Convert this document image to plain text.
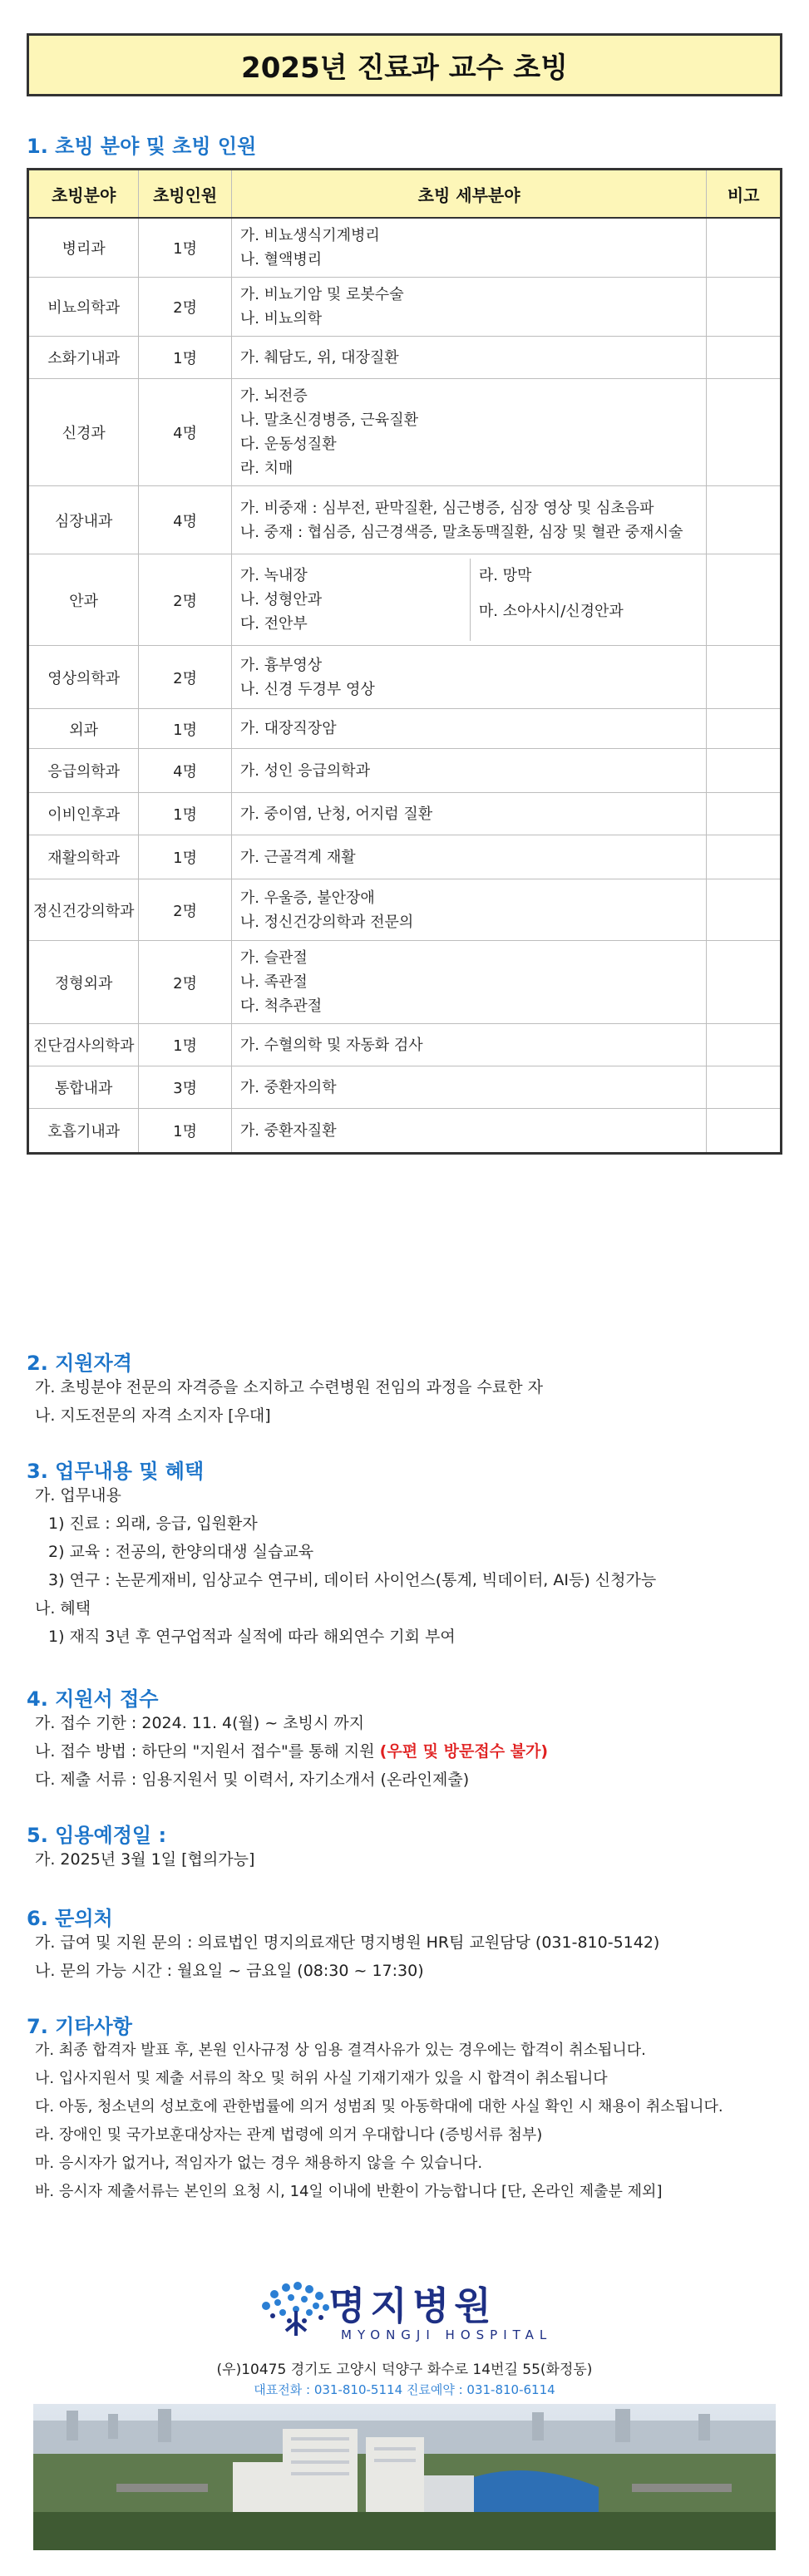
2025년 진료과 교수 초빙
1. 초빙 분야 및 초빙 인원
초빙분야	초빙인원	초빙 세부분야	비고
병리과	1명	가. 비뇨생식기계병리
나. 혈액병리	

비뇨의학과	2명	가. 비뇨기암 및 로봇수술
나. 비뇨의학	

소화기내과	1명	가. 췌담도, 위, 대장질환	

신경과	4명	가. 뇌전증
나. 말초신경병증, 근육질환
다. 운동성질환
라. 치매	

심장내과	4명	가. 비중재 : 심부전, 판막질환, 심근병증, 심장 영상 및 심초음파
나. 중재 : 협심증, 심근경색증, 말초동맥질환, 심장 및 혈관 중재시술	

안과	2명	가. 녹내장
나. 성형안과
다. 전안부
라. 망막
마. 소아사시/신경안과	

영상의학과	2명	가. 흉부영상
나. 신경 두경부 영상	

외과	1명	가. 대장직장암	

응급의학과	4명	가. 성인 응급의학과	

이비인후과	1명	가. 중이염, 난청, 어지럼 질환	

재활의학과	1명	가. 근골격계 재활	

정신건강의학과	2명	가. 우울증, 불안장애
나. 정신건강의학과 전문의	

정형외과	2명	가. 슬관절
나. 족관절
다. 척추관절	

진단검사의학과	1명	가. 수혈의학 및 자동화 검사	

통합내과	3명	가. 중환자의학	

호흡기내과	1명	가. 중환자질환	

2. 지원자격

가. 초빙분야 전문의 자격증을 소지하고 수련병원 전임의 과정을 수료한 자

나. 지도전문의 자격 소지자 [우대]

3. 업무내용 및 혜택

가. 업무내용

1) 진료 : 외래, 응급, 입원환자

2) 교육 : 전공의, 한양의대생 실습교육

3) 연구 : 논문게재비, 임상교수 연구비, 데이터 사이언스(통계, 빅데이터, AI등) 신청가능

나. 혜택

1) 재직 3년 후 연구업적과 실적에 따라 해외연수 기회 부여

4. 지원서 접수

가. 접수 기한 : 2024. 11. 4(월) ~ 초빙시 까지

나. 접수 방법 : 하단의 "지원서 접수"를 통해 지원 (우편 및 방문접수 불가)

다. 제출 서류 : 임용지원서 및 이력서, 자기소개서 (온라인제출)

5. 임용예정일 :

가. 2025년 3월 1일 [협의가능]

6. 문의처

가. 급여 및 지원 문의 : 의료법인 명지의료재단 명지병원 HR팀 교원담당 (031-810-5142)

나. 문의 가능 시간 : 월요일 ~ 금요일 (08:30 ~ 17:30)

7. 기타사항

가. 최종 합격자 발표 후, 본원 인사규정 상 임용 결격사유가 있는 경우에는 합격이 취소됩니다.

나. 입사지원서 및 제출 서류의 착오 및 허위 사실 기재기재가 있을 시 합격이 취소됩니다

다. 아동, 청소년의 성보호에 관한법률에 의거 성범죄 및 아동학대에 대한 사실 확인 시 채용이 취소됩니다.

라. 장애인 및 국가보훈대상자는 관계 법령에 의거 우대합니다 (증빙서류 첨부)

마. 응시자가 없거나, 적임자가 없는 경우 채용하지 않을 수 있습니다.

바. 응시자 제출서류는 본인의 요청 시, 14일 이내에 반환이 가능합니다 [단, 온라인 제출분 제외]

명지병원
MYONGJI HOSPITAL
(우)10475 경기도 고양시 덕양구 화수로 14번길 55(화정동)
대표전화 : 031-810-5114 진료예약 : 031-810-6114
